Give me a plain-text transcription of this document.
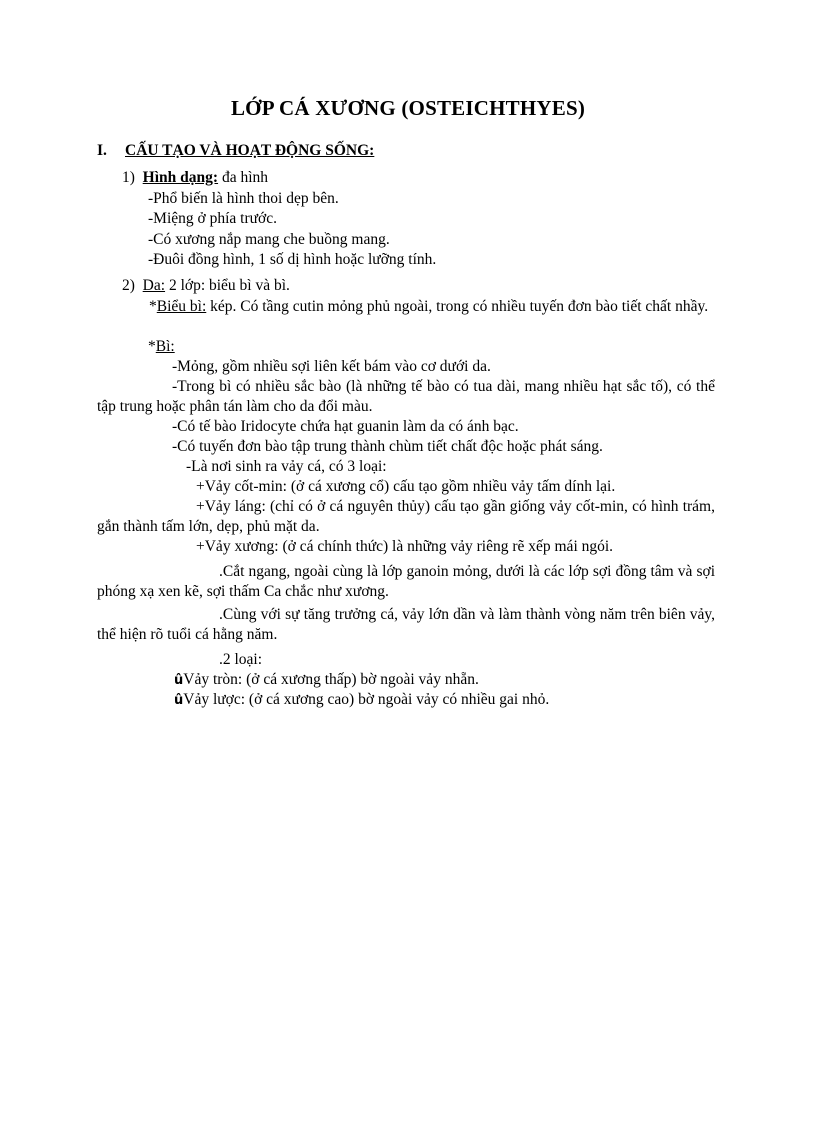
LỚP CÁ XƯƠNG (OSTEICHTHYES)
I. CẤU TẠO VÀ HOẠT ĐỘNG SỐNG:
1) Hình dạng: đa hình
-Phổ biến là hình thoi dẹp bên.
-Miệng ở phía trước.
-Có xương nắp mang che buồng mang.
-Đuôi đồng hình, 1 số dị hình hoặc lưỡng tính.
2) Da: 2 lớp: biểu bì và bì.
*Biểu bì: kép. Có tầng cutin mỏng phủ ngoài, trong có nhiều tuyến đơn bào tiết chất nhầy.
*Bì:
-Mỏng, gồm nhiều sợi liên kết bám vào cơ dưới da.
-Trong bì có nhiều sắc bào (là những tế bào có tua dài, mang nhiều hạt sắc tố), có thể tập trung hoặc phân tán làm cho da đổi màu.
-Có tế bào Iridocyte chứa hạt guanin làm da có ánh bạc.
-Có tuyến đơn bào tập trung thành chùm tiết chất độc hoặc phát sáng.
-Là nơi sinh ra vảy cá, có 3 loại:
+Vảy cốt-min: (ở cá xương cổ) cấu tạo gồm nhiều vảy tấm dính lại.
+Vảy láng: (chỉ có ở cá nguyên thủy) cấu tạo gần giống vảy cốt-min, có hình trám, gắn thành tấm lớn, dẹp, phủ mặt da.
+Vảy xương: (ở cá chính thức) là những vảy riêng rẽ xếp mái ngói.
.Cắt ngang, ngoài cùng là lớp ganoin mỏng, dưới là các lớp sợi đồng tâm và sợi phóng xạ xen kẽ, sợi thấm Ca chắc như xương.
.Cùng với sự tăng trưởng cá, vảy lớn dần và làm thành vòng năm trên biên vảy, thể hiện rõ tuổi cá hằng năm.
.2 loại:
ûVảy tròn: (ở cá xương thấp) bờ ngoài vảy nhẵn.
ûVảy lược: (ở cá xương cao) bờ ngoài vảy có nhiều gai nhỏ.
